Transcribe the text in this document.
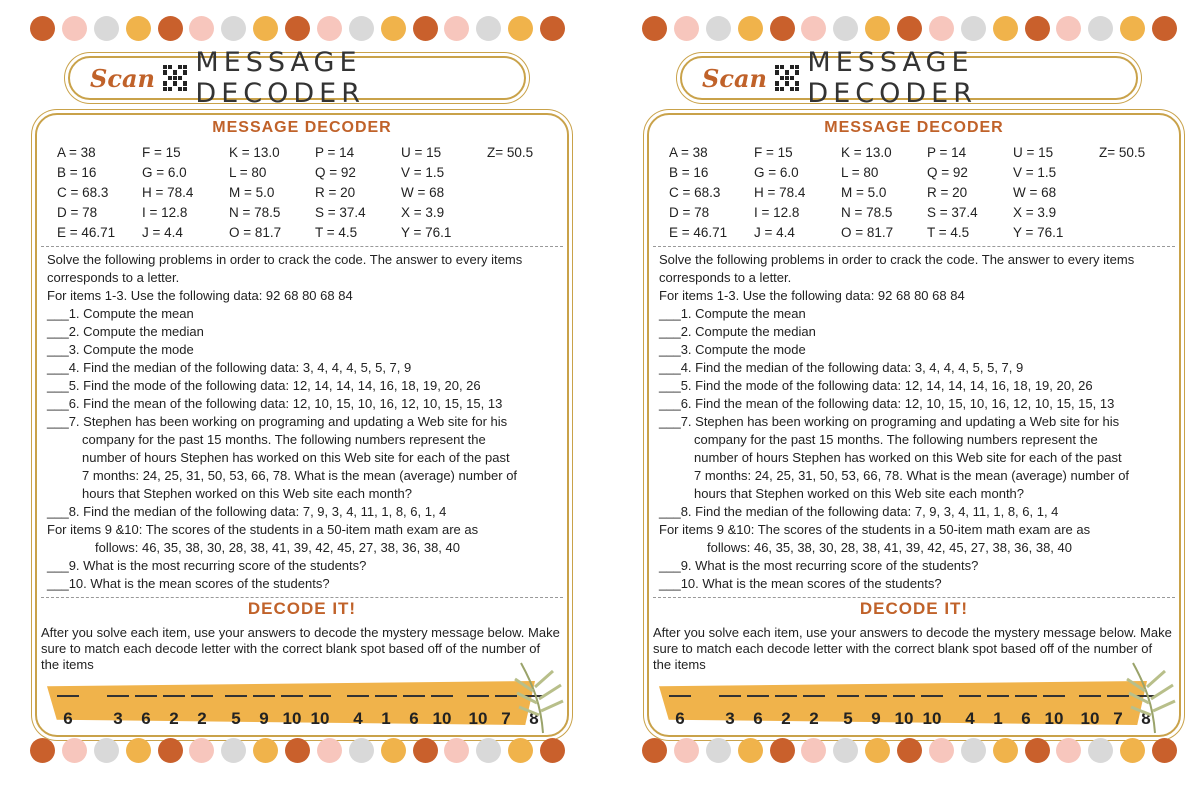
Scan MESSAGE DECODER
MESSAGE DECODER
A = 38
B = 16
C = 68.3
D = 78
E = 46.71
F = 15
G = 6.0
H = 78.4
I = 12.8
J = 4.4
K = 13.0
L = 80
M = 5.0
N = 78.5
O = 81.7
P = 14
Q = 92
R = 20
S = 37.4
T = 4.5
U = 15
V = 1.5
W = 68
X = 3.9
Y = 76.1
Z= 50.5

Solve the following problems in order to crack the code. The answer to every items corresponds to a letter.

For items 1-3. Use the following data: 92 68 80 68 84

___1. Compute the mean

___2. Compute the median

___3. Compute the mode

___4. Find the median of the following data: 3, 4, 4, 4, 5, 5, 7, 9

___5. Find the mode of the following data: 12, 14, 14, 14, 16, 18, 19, 20, 26

___6. Find the mean of the following data: 12, 10, 15, 10, 16, 12, 10, 15, 15, 13

___7. Stephen has been working on programing and updating a Web site for his

company for the past 15 months. The following numbers represent the

number of hours Stephen has worked on this Web site for each of the past

7 months: 24, 25, 31, 50, 53, 66, 78. What is the mean (average) number of

hours that Stephen worked on this Web site each month?

___8. Find the median of the following data: 7, 9, 3, 4, 11, 1, 8, 6, 1, 4

For items 9 &10: The scores of the students in a 50-item math exam are as

follows: 46, 35, 38, 30, 28, 38, 41, 39, 42, 45, 27, 38, 36, 38, 40

___9. What is the most recurring score of the students?

___10. What is the mean scores of the students?

DECODE IT!
After you solve each item, use your answers to decode the mystery message below. Make sure to match each decode letter with the correct blank spot based off of the number of the items
6 3 6 2 2 5 9 10 10 4 1 6 10 10 7 8
Scan MESSAGE DECODER
MESSAGE DECODER
A = 38
B = 16
C = 68.3
D = 78
E = 46.71
F = 15
G = 6.0
H = 78.4
I = 12.8
J = 4.4
K = 13.0
L = 80
M = 5.0
N = 78.5
O = 81.7
P = 14
Q = 92
R = 20
S = 37.4
T = 4.5
U = 15
V = 1.5
W = 68
X = 3.9
Y = 76.1
Z= 50.5

Solve the following problems in order to crack the code. The answer to every items corresponds to a letter.

For items 1-3. Use the following data: 92 68 80 68 84

___1. Compute the mean

___2. Compute the median

___3. Compute the mode

___4. Find the median of the following data: 3, 4, 4, 4, 5, 5, 7, 9

___5. Find the mode of the following data: 12, 14, 14, 14, 16, 18, 19, 20, 26

___6. Find the mean of the following data: 12, 10, 15, 10, 16, 12, 10, 15, 15, 13

___7. Stephen has been working on programing and updating a Web site for his

company for the past 15 months. The following numbers represent the

number of hours Stephen has worked on this Web site for each of the past

7 months: 24, 25, 31, 50, 53, 66, 78. What is the mean (average) number of

hours that Stephen worked on this Web site each month?

___8. Find the median of the following data: 7, 9, 3, 4, 11, 1, 8, 6, 1, 4

For items 9 &10: The scores of the students in a 50-item math exam are as

follows: 46, 35, 38, 30, 28, 38, 41, 39, 42, 45, 27, 38, 36, 38, 40

___9. What is the most recurring score of the students?

___10. What is the mean scores of the students?

DECODE IT!
After you solve each item, use your answers to decode the mystery message below. Make sure to match each decode letter with the correct blank spot based off of the number of the items
6 3 6 2 2 5 9 10 10 4 1 6 10 10 7 8
